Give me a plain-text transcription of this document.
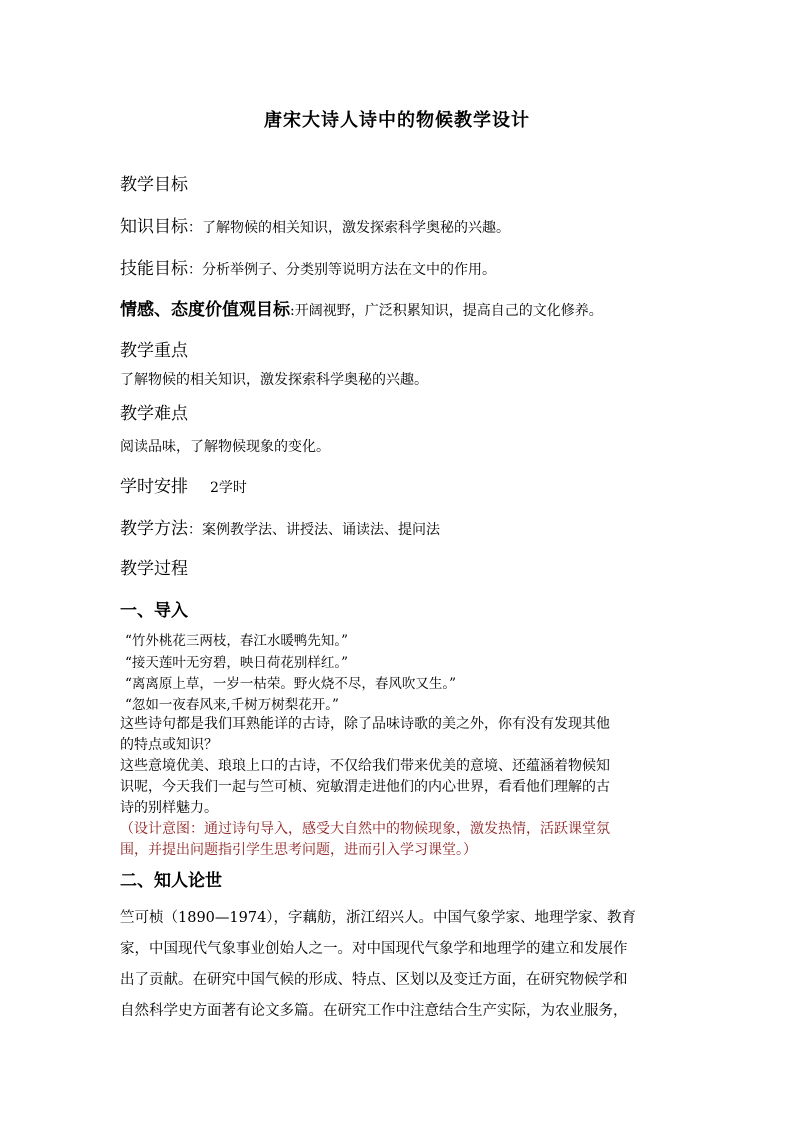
唐宋大诗人诗中的物候教学设计
教学目标
知识目标 ：了解物候的相关知识，激发探索科学奥秘的兴趣。
技能目标 ：分析举例子、分类别等说明方法在文中的作用。
情感、态度价值观目标 :开阔视野，广泛积累知识，提高自己的文化修养。
教学重点
了解物候的相关知识，激发探索科学奥秘的兴趣。
教学难点
阅读品味，了解物候现象的变化。
学时安排 2学时
教学方法 ：案例教学法、讲授法、诵读法、提问法
教学过程
一、导入
“竹外桃花三两枝，春江水暖鸭先知。”
“接天莲叶无穷碧，映日荷花别样红。”
“离离原上草，一岁一枯荣。野火烧不尽，春风吹又生。”
“忽如一夜春风来,千树万树梨花开。”
这些诗句都是我们耳熟能详的古诗，除了品味诗歌的美之外，你有没有发现其他
的特点或知识？
这些意境优美、琅琅上口的古诗，不仅给我们带来优美的意境、还蕴涵着物候知
识呢，今天我们一起与竺可桢、宛敏渭走进他们的内心世界，看看他们理解的古
诗的别样魅力。
（设计意图：通过诗句导入，感受大自然中的物候现象，激发热情，活跃课堂氛
围，并提出问题指引学生思考问题，进而引入学习课堂。）
二、知人论世
竺可桢（1890—1974），字藕舫，浙江绍兴人。中国气象学家、地理学家、教育
家，中国现代气象事业创始人之一。对中国现代气象学和地理学的建立和发展作
出了贡献。在研究中国气候的形成、特点、区划以及变迁方面，在研究物候学和
自然科学史方面著有论文多篇。在研究工作中注意结合生产实际，为农业服务，
